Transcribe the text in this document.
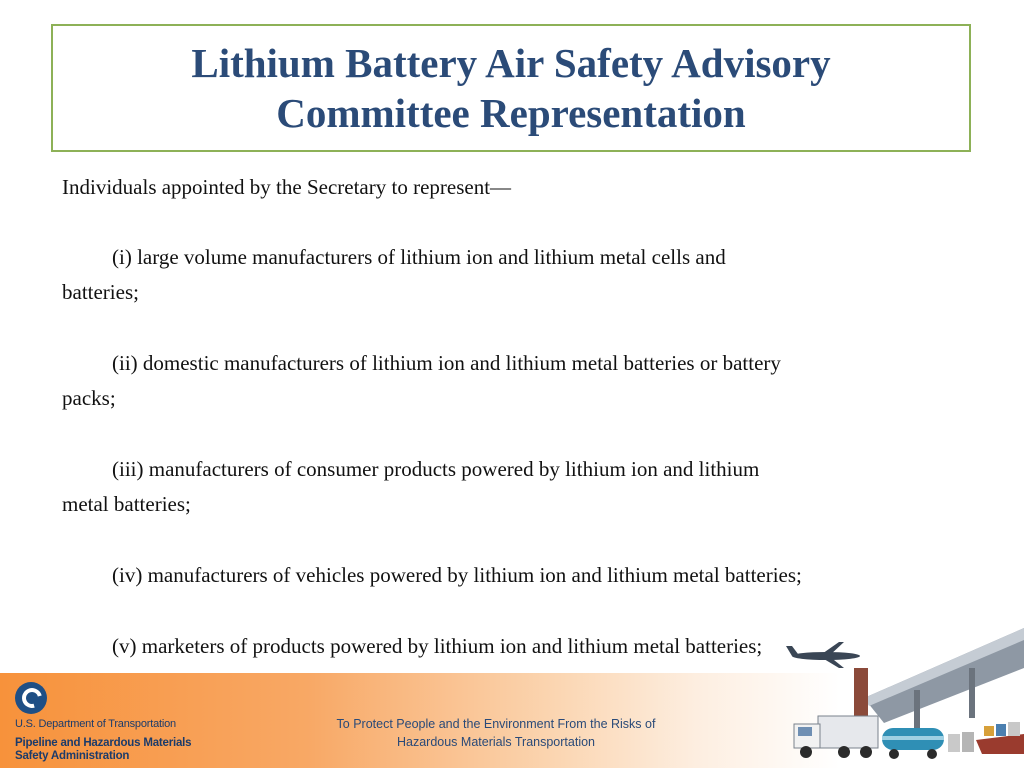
Lithium Battery Air Safety Advisory
Committee Representation

Individuals appointed by the Secretary to represent—

(i) large volume manufacturers of lithium ion and lithium metal cells and
batteries;

(ii) domestic manufacturers of lithium ion and lithium metal batteries or battery
packs;

(iii) manufacturers of consumer products powered by lithium ion and lithium
metal batteries;

(iv) manufacturers of vehicles powered by lithium ion and lithium metal batteries;

(v) marketers of products powered by lithium ion and lithium metal batteries;

U.S. Department of Transportation
Pipeline and Hazardous Materials
Safety Administration
To Protect People and the Environment From the Risks of
Hazardous Materials Transportation
